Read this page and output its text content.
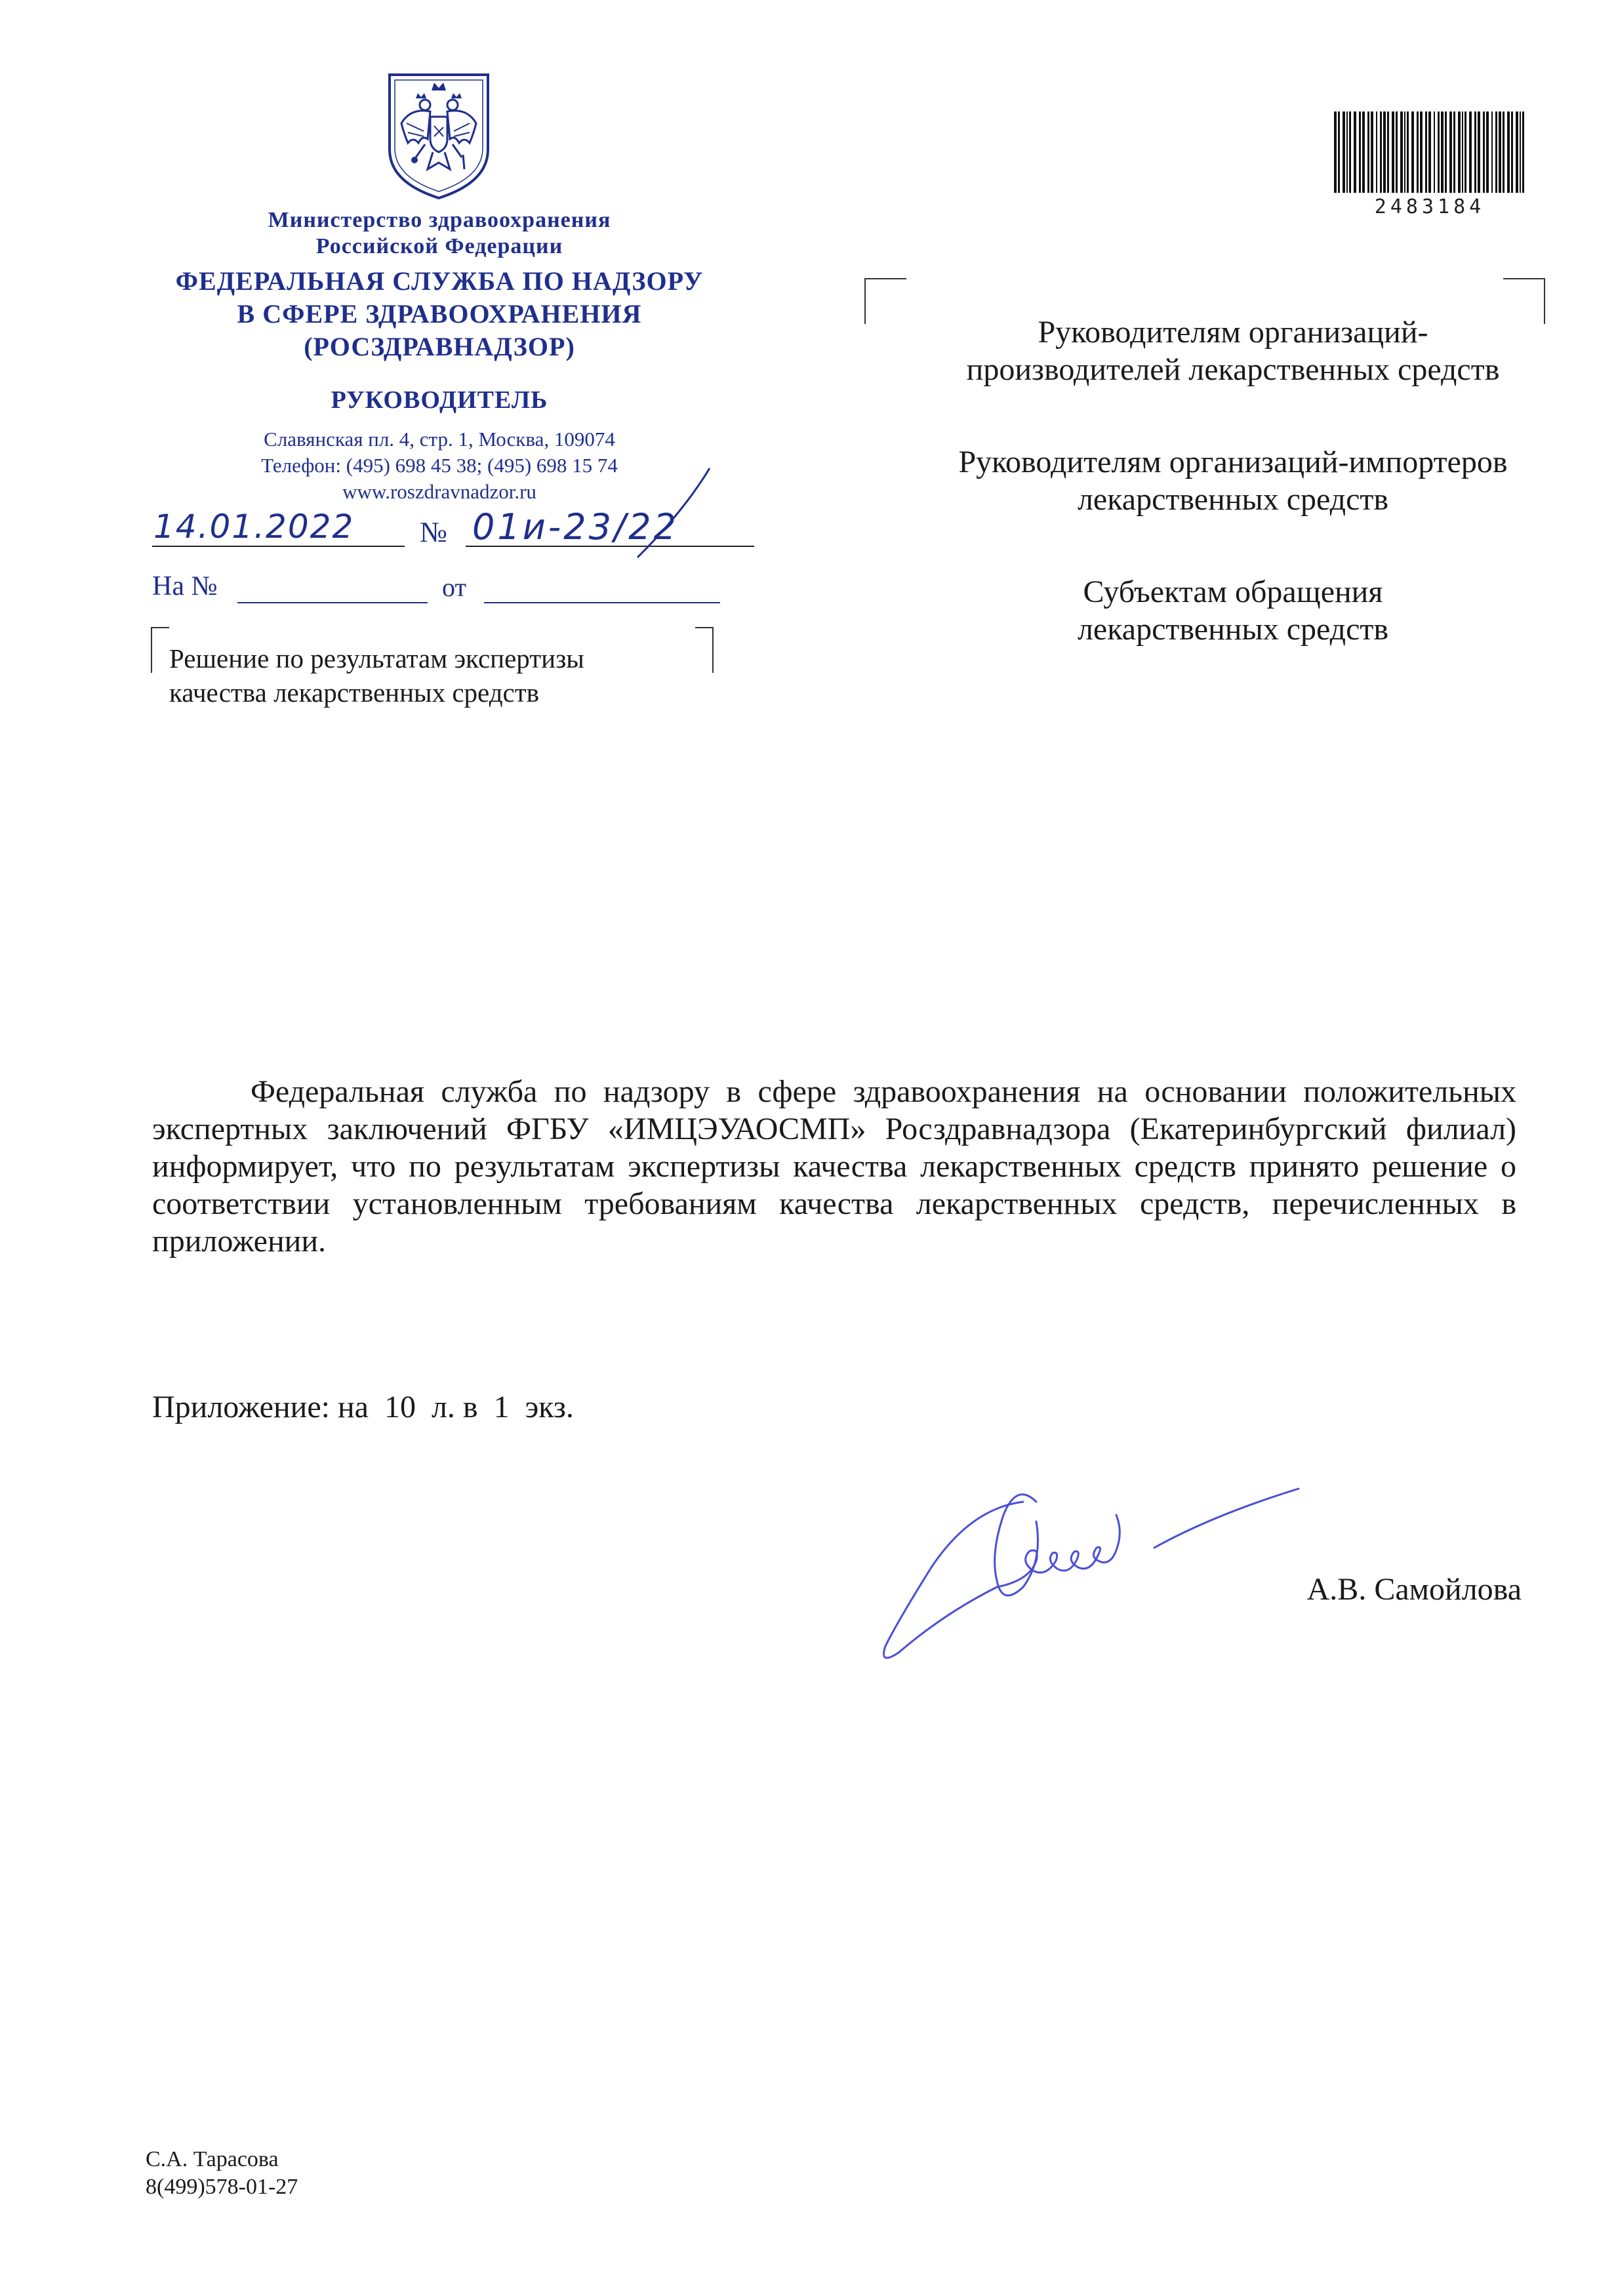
Министерство здравоохранения
Российской Федерации
ФЕДЕРАЛЬНАЯ СЛУЖБА ПО НАДЗОРУ
В СФЕРЕ ЗДРАВООХРАНЕНИЯ
(РОСЗДРАВНАДЗОР)
РУКОВОДИТЕЛЬ
Славянская пл. 4, стр. 1, Москва, 109074
Телефон: (495) 698 45 38; (495) 698 15 74
www.roszdravnadzor.ru
14.01.2022 № 01и-23/22
На №	от
Решение по результатам экспертизы
качества лекарственных средств
2483184

Руководителям организаций-производителей лекарственных средств

Руководителям организаций-импортеров лекарственных средств

Субъектам обращения лекарственных средств

Федеральная служба по надзору в сфере здравоохранения на основании положительных экспертных заключений ФГБУ «ИМЦЭУАОСМП» Росздравнадзора (Екатеринбургский филиал) информирует, что по результатам экспертизы качества лекарственных средств принято решение о соответствии установленным требованиям качества лекарственных средств, перечисленных в приложении.
Приложение: на  10  л. в  1  экз.
А.В. Самойлова
С.А. Тарасова
8(499)578-01-27
